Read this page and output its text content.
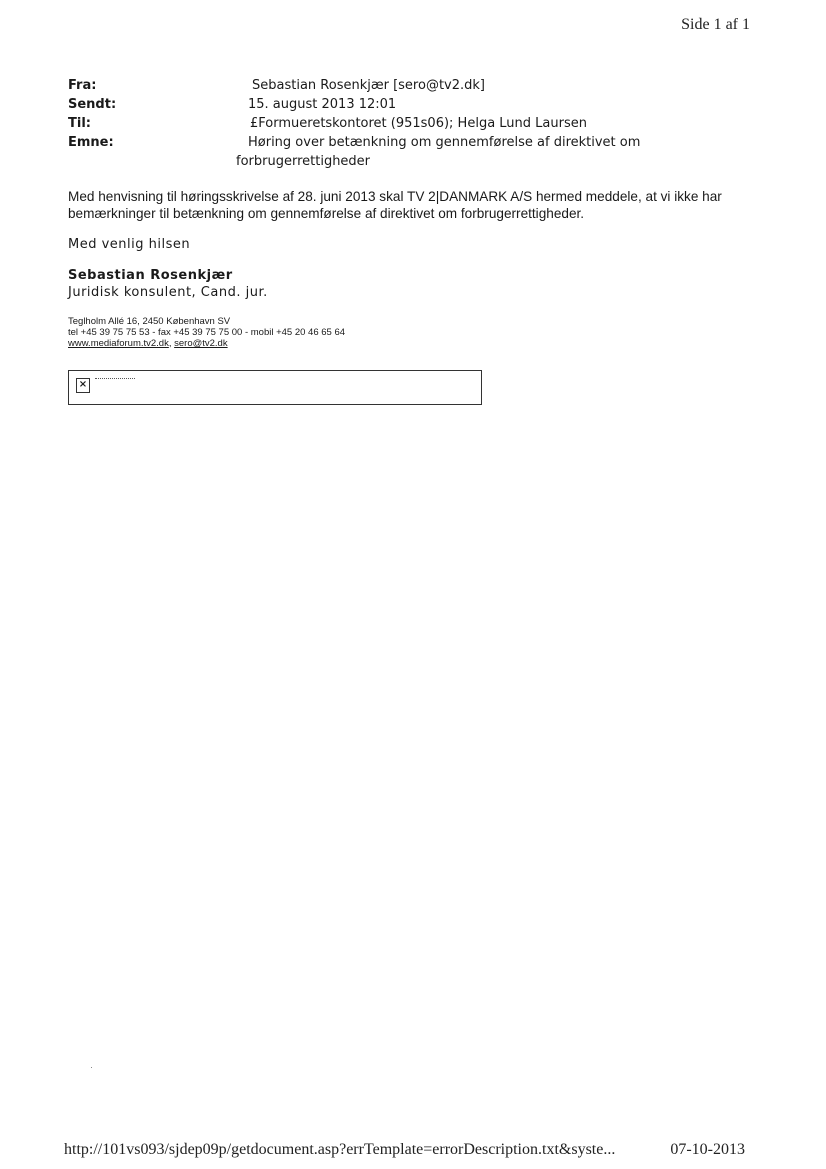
Side 1 af 1
Fra:	Sebastian Rosenkjær [sero@tv2.dk]
Sendt:	15. august 2013 12:01
Til:	£Formueretskontoret (951s06); Helga Lund Laursen
Emne:	Høring over betænkning om gennemførelse af direktivet om
forbrugerrettigheder

Med henvisning til høringsskrivelse af 28. juni 2013 skal TV 2|DANMARK A/S hermed meddele, at vi ikke har bemærkninger til betænkning om gennemførelse af direktivet om forbrugerrettigheder.

Med venlig hilsen

Sebastian Rosenkjær

Juridisk konsulent, Cand. jur.

Teglholm Allé 16, 2450 København SV
tel +45 39 75 75 53 - fax +45 39 75 75 00 - mobil +45 20 46 65 64
www.mediaforum.tv2.dk, sero@tv2.dk
×
http://101vs093/sjdep09p/getdocument.asp?errTemplate=errorDescription.txt&syste...	07-10-2013
